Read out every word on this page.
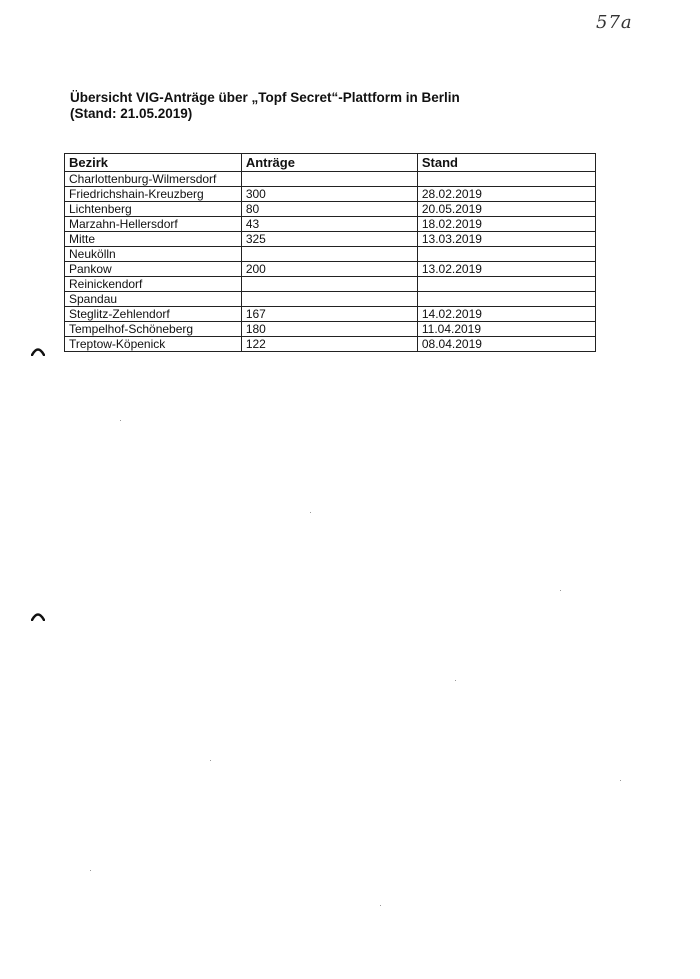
57a
Übersicht VIG-Anträge über „Topf Secret“-Plattform in Berlin
(Stand: 21.05.2019)
Bezirk	Anträge	Stand
Charlottenburg-Wilmersdorf		
Friedrichshain-Kreuzberg	300	28.02.2019
Lichtenberg	80	20.05.2019
Marzahn-Hellersdorf	43	18.02.2019
Mitte	325	13.03.2019
Neukölln		
Pankow	200	13.02.2019
Reinickendorf		
Spandau		
Steglitz-Zehlendorf	167	14.02.2019
Tempelhof-Schöneberg	180	11.04.2019
Treptow-Köpenick	122	08.04.2019
